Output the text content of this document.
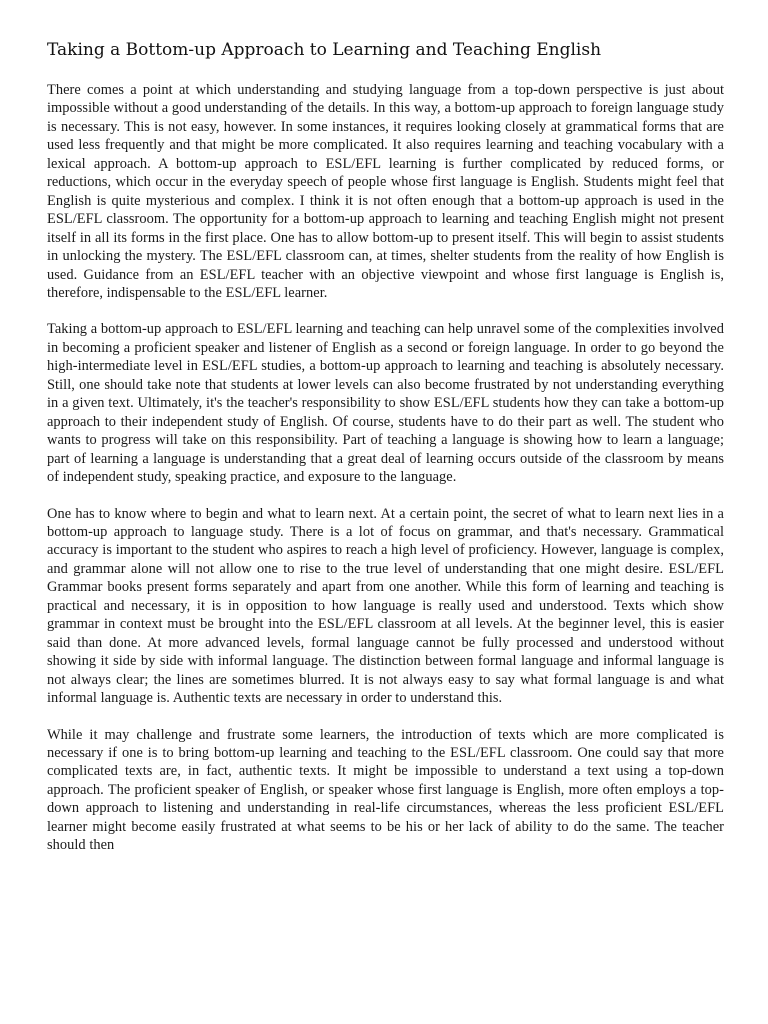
Taking a Bottom-up Approach to Learning and Teaching English

There comes a point at which understanding and studying language from a top-down perspective is just about impossible without a good understanding of the details. In this way, a bottom-up approach to foreign language study is necessary. This is not easy, however. In some instances, it requires looking closely at grammatical forms that are used less frequently and that might be more complicated. It also requires learning and teaching vocabulary with a lexical approach. A bottom-up approach to ESL/EFL learning is further complicated by reduced forms, or reductions, which occur in the everyday speech of people whose first language is English. Students might feel that English is quite mysterious and complex. I think it is not often enough that a bottom-up approach is used in the ESL/EFL classroom. The opportunity for a bottom-up approach to learning and teaching English might not present itself in all its forms in the first place. One has to allow bottom-up to present itself. This will begin to assist students in unlocking the mystery. The ESL/EFL classroom can, at times, shelter students from the reality of how English is used. Guidance from an ESL/EFL teacher with an objective viewpoint and whose first language is English is, therefore, indispensable to the ESL/EFL learner.

Taking a bottom-up approach to ESL/EFL learning and teaching can help unravel some of the complexities involved in becoming a proficient speaker and listener of English as a second or foreign language. In order to go beyond the high-intermediate level in ESL/EFL studies, a bottom-up approach to learning and teaching is absolutely necessary. Still, one should take note that students at lower levels can also become frustrated by not understanding everything in a given text. Ultimately, it's the teacher's responsibility to show ESL/EFL students how they can take a bottom-up approach to their independent study of English. Of course, students have to do their part as well. The student who wants to progress will take on this responsibility. Part of teaching a language is showing how to learn a language; part of learning a language is understanding that a great deal of learning occurs outside of the classroom by means of independent study, speaking practice, and exposure to the language.

One has to know where to begin and what to learn next. At a certain point, the secret of what to learn next lies in a bottom-up approach to language study. There is a lot of focus on grammar, and that's necessary. Grammatical accuracy is important to the student who aspires to reach a high level of proficiency. However, language is complex, and grammar alone will not allow one to rise to the true level of understanding that one might desire. ESL/EFL Grammar books present forms separately and apart from one another. While this form of learning and teaching is practical and necessary, it is in opposition to how language is really used and understood. Texts which show grammar in context must be brought into the ESL/EFL classroom at all levels. At the beginner level, this is easier said than done. At more advanced levels, formal language cannot be fully processed and understood without showing it side by side with informal language. The distinction between formal language and informal language is not always clear; the lines are sometimes blurred. It is not always easy to say what formal language is and what informal language is. Authentic texts are necessary in order to understand this.

While it may challenge and frustrate some learners, the introduction of texts which are more complicated is necessary if one is to bring bottom-up learning and teaching to the ESL/EFL classroom. One could say that more complicated texts are, in fact, authentic texts. It might be impossible to understand a text using a top-down approach. The proficient speaker of English, or speaker whose first language is English, more often employs a top-down approach to listening and understanding in real-life circumstances, whereas the less proficient ESL/EFL learner might become easily frustrated at what seems to be his or her lack of ability to do the same. The teacher should then
